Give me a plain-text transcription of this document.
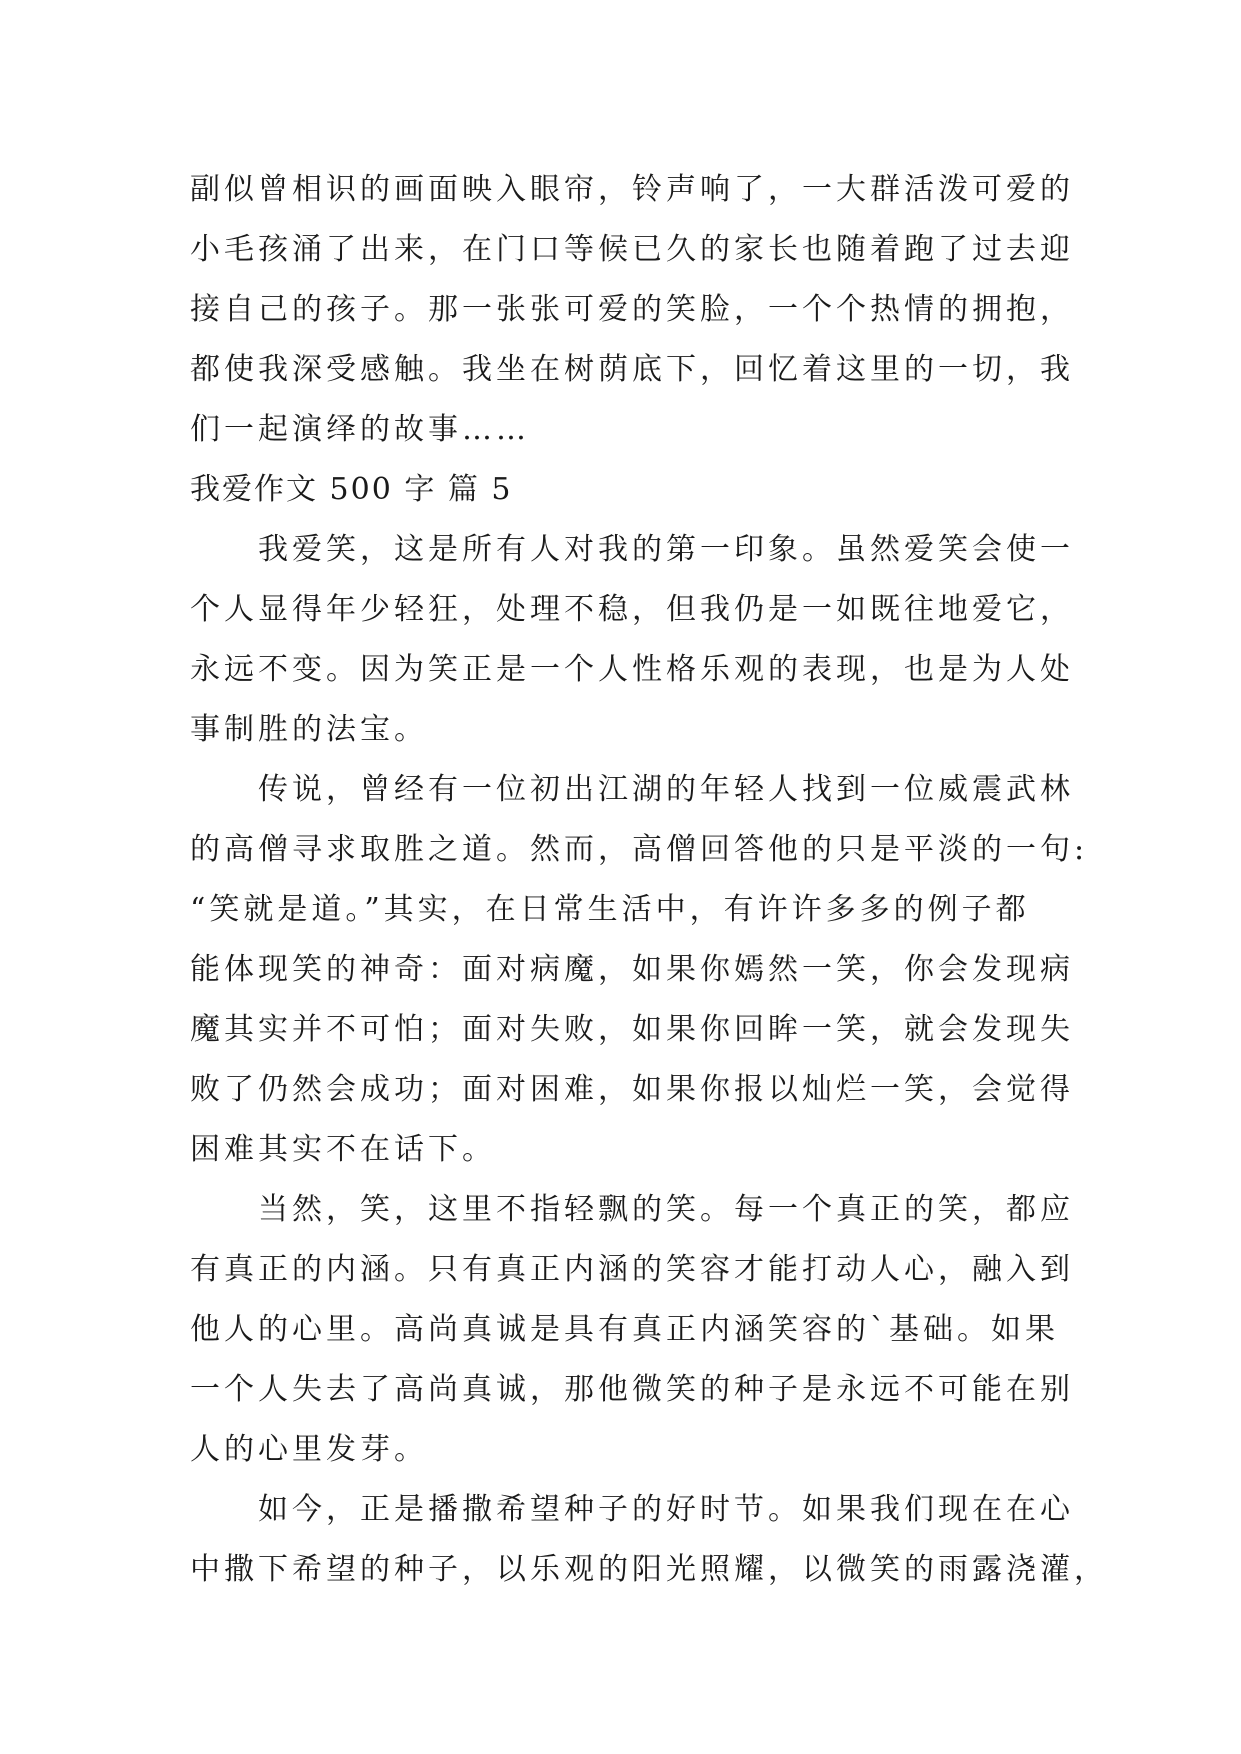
副似曾相识的画面映入眼帘，铃声响了，一大群活泼可爱的
小毛孩涌了出来，在门口等候已久的家长也随着跑了过去迎
接自己的孩子。那一张张可爱的笑脸，一个个热情的拥抱，
都使我深受感触。我坐在树荫底下，回忆着这里的一切，我
们一起演绎的故事……
我爱作文 500 字 篇 5
我爱笑，这是所有人对我的第一印象。虽然爱笑会使一
个人显得年少轻狂，处理不稳，但我仍是一如既往地爱它，
永远不变。因为笑正是一个人性格乐观的表现，也是为人处
事制胜的法宝。
传说，曾经有一位初出江湖的年轻人找到一位威震武林
的高僧寻求取胜之道。然而，高僧回答他的只是平淡的一句:
“笑就是道。”其实，在日常生活中，有许许多多的例子都
能体现笑的神奇：面对病魔，如果你嫣然一笑，你会发现病
魔其实并不可怕；面对失败，如果你回眸一笑，就会发现失
败了仍然会成功；面对困难，如果你报以灿烂一笑，会觉得
困难其实不在话下。
当然，笑，这里不指轻飘的笑。每一个真正的笑，都应
有真正的内涵。只有真正内涵的笑容才能打动人心，融入到
他人的心里。高尚真诚是具有真正内涵笑容的`基础。如果
一个人失去了高尚真诚，那他微笑的种子是永远不可能在别
人的心里发芽。
如今，正是播撒希望种子的好时节。如果我们现在在心
中撒下希望的种子，以乐观的阳光照耀，以微笑的雨露浇灌，
